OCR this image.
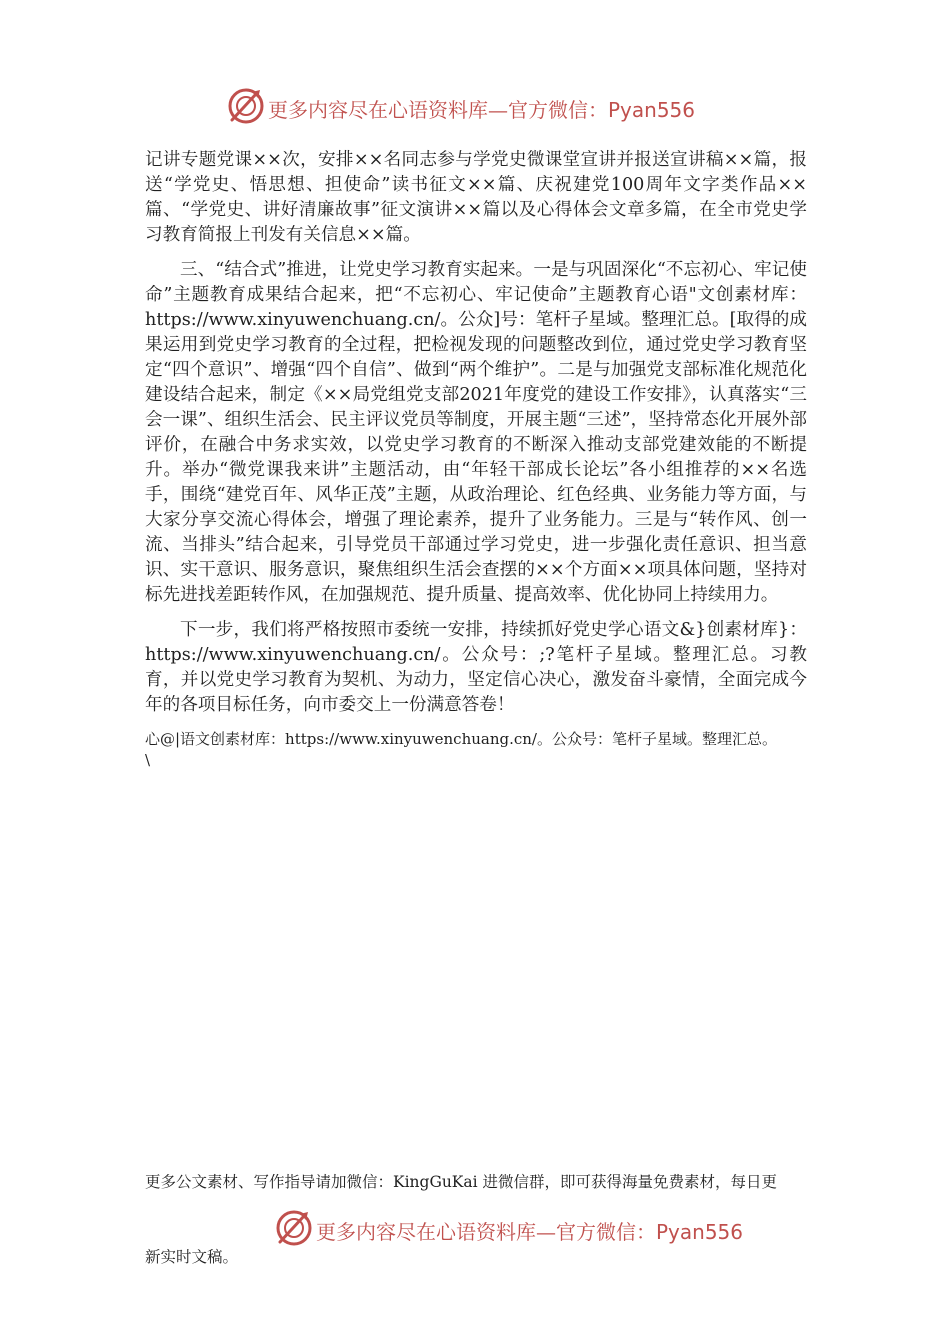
更多内容尽在心语资料库—官方微信：Pyan556

记讲专题党课××次，安排××名同志参与学党史微课堂宣讲并报送宣讲稿××篇，报送“学党史、悟思想、担使命”读书征文××篇、庆祝建党100周年文字类作品××篇、“学党史、讲好清廉故事”征文演讲××篇以及心得体会文章多篇，在全市党史学习教育简报上刊发有关信息××篇。

三、“结合式”推进，让党史学习教育实起来。一是与巩固深化“不忘初心、牢记使命”主题教育成果结合起来，把“不忘初心、牢记使命”主题教育心语"文创素材库：https://www.xinyuwenchuang.cn/。公众]号：笔杆子星域。整理汇总。[取得的成果运用到党史学习教育的全过程，把检视发现的问题整改到位，通过党史学习教育坚定“四个意识”、增强“四个自信”、做到“两个维护”。二是与加强党支部标准化规范化建设结合起来，制定《××局党组党支部2021年度党的建设工作安排》，认真落实“三会一课”、组织生活会、民主评议党员等制度，开展主题“三述”，坚持常态化开展外部评价，在融合中务求实效，以党史学习教育的不断深入推动支部党建效能的不断提升。举办“微党课我来讲”主题活动，由“年轻干部成长论坛”各小组推荐的××名选手，围绕“建党百年、风华正茂”主题，从政治理论、红色经典、业务能力等方面，与大家分享交流心得体会，增强了理论素养，提升了业务能力。三是与“转作风、创一流、当排头”结合起来，引导党员干部通过学习党史，进一步强化责任意识、担当意识、实干意识、服务意识，聚焦组织生活会查摆的××个方面××项具体问题，坚持对标先进找差距转作风，在加强规范、提升质量、提高效率、优化协同上持续用力。

下一步，我们将严格按照市委统一安排，持续抓好党史学心语文&}创素材库}：https://www.xinyuwenchuang.cn/。公众号：;?笔杆子星域。整理汇总。习教育，并以党史学习教育为契机、为动力，坚定信心决心，激发奋斗豪情，全面完成今年的各项目标任务，向市委交上一份满意答卷！

心@|语文创素材库：https://www.xinyuwenchuang.cn/。公众号：笔杆子星域。整理汇总。

\

更多公文素材、写作指导请加微信：KingGuKai 进微信群，即可获得海量免费素材，每日更
更多内容尽在心语资料库—官方微信：Pyan556
新实时文稿。
